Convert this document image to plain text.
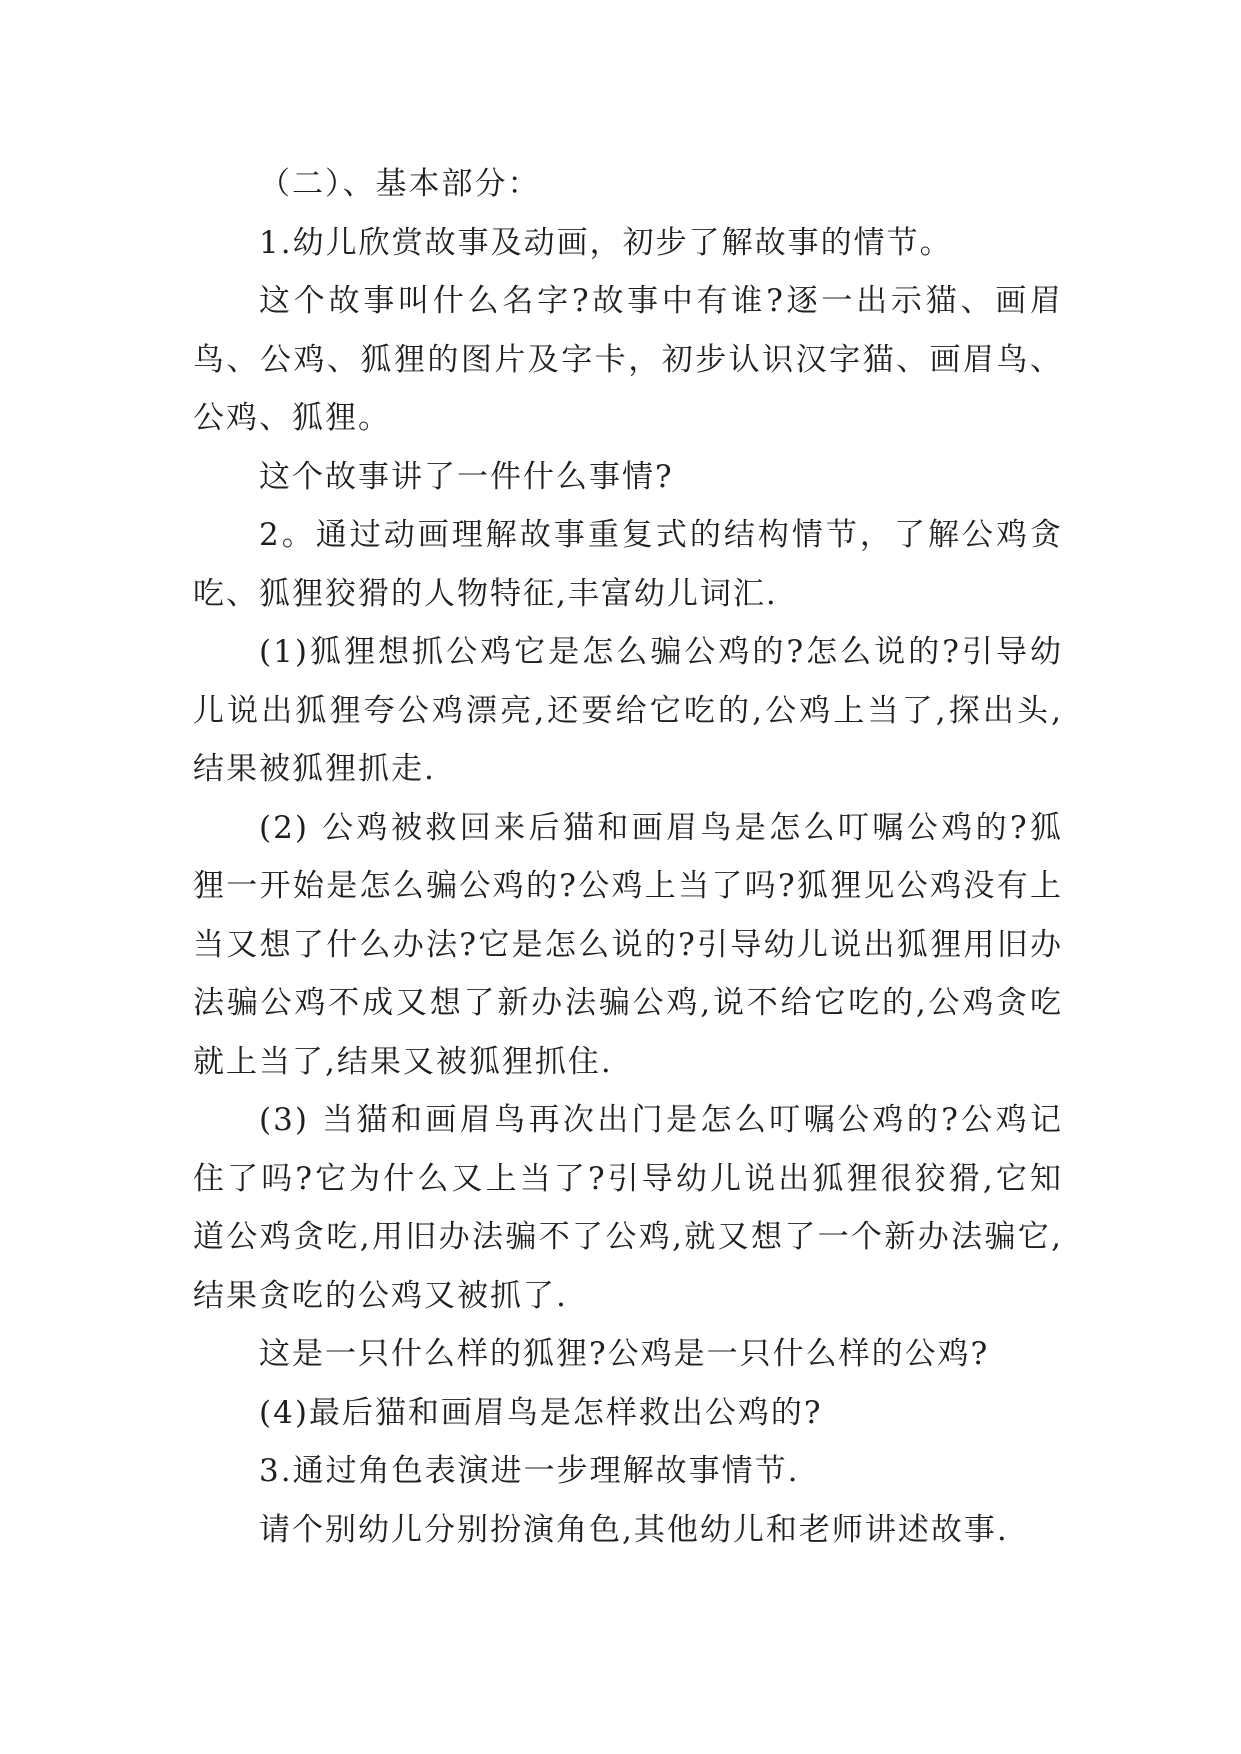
（二）、基本部分：

1.幼儿欣赏故事及动画，初步了解故事的情节。

这个故事叫什么名字?故事中有谁?逐一出示猫、画眉鸟、公鸡、狐狸的图片及字卡，初步认识汉字猫、画眉鸟、公鸡、狐狸。

这个故事讲了一件什么事情?

2。通过动画理解故事重复式的结构情节，了解公鸡贪吃、狐狸狡猾的人物特征,丰富幼儿词汇.

(1)狐狸想抓公鸡它是怎么骗公鸡的?怎么说的?引导幼儿说出狐狸夸公鸡漂亮,还要给它吃的,公鸡上当了,探出头,结果被狐狸抓走.

(2) 公鸡被救回来后猫和画眉鸟是怎么叮嘱公鸡的?狐狸一开始是怎么骗公鸡的?公鸡上当了吗?狐狸见公鸡没有上当又想了什么办法?它是怎么说的?引导幼儿说出狐狸用旧办法骗公鸡不成又想了新办法骗公鸡,说不给它吃的,公鸡贪吃就上当了,结果又被狐狸抓住.

(3) 当猫和画眉鸟再次出门是怎么叮嘱公鸡的?公鸡记住了吗?它为什么又上当了?引导幼儿说出狐狸很狡猾,它知道公鸡贪吃,用旧办法骗不了公鸡,就又想了一个新办法骗它,结果贪吃的公鸡又被抓了.

这是一只什么样的狐狸?公鸡是一只什么样的公鸡?

(4)最后猫和画眉鸟是怎样救出公鸡的?

3.通过角色表演进一步理解故事情节.

请个别幼儿分别扮演角色,其他幼儿和老师讲述故事.
